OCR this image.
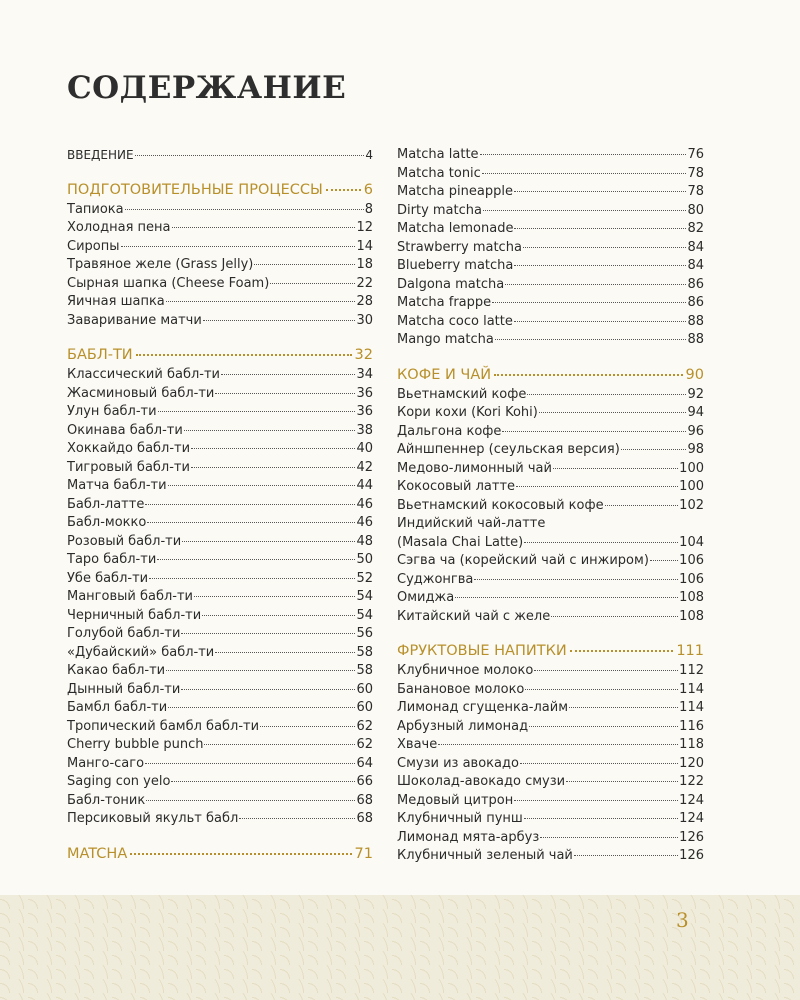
СОДЕРЖАНИЕ
ВВЕДЕНИЕ	4
ПОДГОТОВИТЕЛЬНЫЕ ПРОЦЕССЫ	6
Тапиока	8
Холодная пена	12
Сиропы	14
Травяное желе (Grass Jelly)	18
Сырная шапка (Cheese Foam)	22
Яичная шапка	28
Заваривание матчи	30
БАБЛ-ТИ	32
Классический бабл-ти	34
Жасминовый бабл-ти	36
Улун бабл-ти	36
Окинава бабл-ти	38
Хоккайдо бабл-ти	40
Тигровый бабл-ти	42
Матча бабл-ти	44
Бабл-латте	46
Бабл-мокко	46
Розовый бабл-ти	48
Таро бабл-ти	50
Убе бабл-ти	52
Манговый бабл-ти	54
Черничный бабл-ти	54
Голубой бабл-ти	56
«Дубайский» бабл-ти	58
Какао бабл-ти	58
Дынный бабл-ти	60
Бамбл бабл-ти	60
Тропический бамбл бабл-ти	62
Cherry bubble punch	62
Манго-саго	64
Saging con yelo	66
Бабл-тоник	68
Персиковый якульт бабл	68
MATCHA	71
Matcha latte	76
Matcha tonic	78
Matcha pineapple	78
Dirty matcha	80
Matcha lemonade	82
Strawberry matcha	84
Blueberry matcha	84
Dalgona matcha	86
Matcha frappe	86
Matcha coco latte	88
Mango matcha	88
КОФЕ И ЧАЙ	90
Вьетнамский кофе	92
Кори кохи (Kori Kohi)	94
Дальгона кофе	96
Айншпеннер (сеульская версия)	98
Медово-лимонный чай	100
Кокосовый латте	100
Вьетнамский кокосовый кофе	102
Индийский чай-латте
(Masala Chai Latte)	104
Сэгва ча (корейский чай с инжиром) 106
Суджонгва	106
Омиджа	108
Китайский чай с желе	108
ФРУКТОВЫЕ НАПИТКИ	111
Клубничное молоко	112
Банановое молоко	114
Лимонад сгущенка-лайм	114
Арбузный лимонад	116
Хваче	118
Смузи из авокадо	120
Шоколад-авокадо смузи	122
Медовый цитрон	124
Клубничный пунш	124
Лимонад мята-арбуз	126
Клубничный зеленый чай	126
3
